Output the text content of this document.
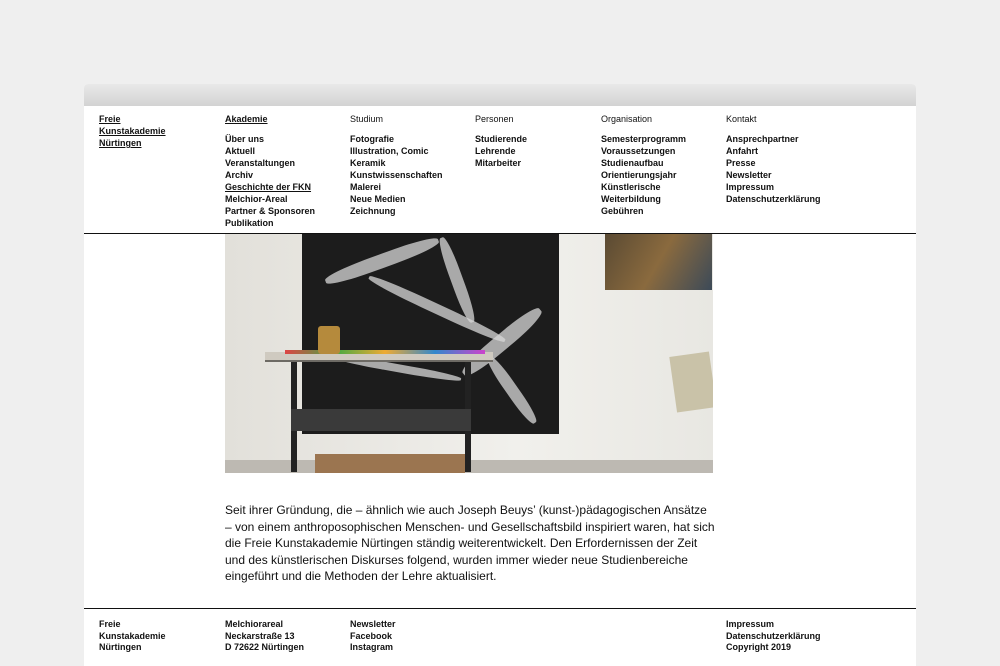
Freie
Kunstakademie
Nürtingen
Akademie
Über uns
Aktuell
Veranstaltungen
Archiv
Geschichte der FKN
Melchior-Areal
Partner & Sponsoren
Publikation
Studium
Fotografie
Illustration, Comic
Keramik
Kunstwissenschaften
Malerei
Neue Medien
Zeichnung
Personen
Studierende
Lehrende
Mitarbeiter
Organisation
Semesterprogramm
Voraussetzungen
Studienaufbau
Orientierungsjahr
Künstlerische
Weiterbildung
Gebühren
Kontakt
Ansprechpartner
Anfahrt
Presse
Newsletter
Impressum
Datenschutzerklärung

Seit ihrer Gründung, die – ähnlich wie auch Joseph Beuys’ (kunst-)pädagogischen Ansätze – von einem anthroposophischen Menschen- und Gesellschaftsbild inspiriert waren, hat sich die Freie Kunstakademie Nürtingen ständig weiterentwickelt. Den Erfordernissen der Zeit und des künstlerischen Diskurses folgend, wurden immer wieder neue Studienbereiche eingeführt und die Methoden der Lehre aktualisiert.

Freie
Kunstakademie
Nürtingen
Melchiorareal
Neckarstraße 13
D 72622 Nürtingen
Newsletter
Facebook
Instagram
Impressum
Datenschutzerklärung
Copyright 2019
